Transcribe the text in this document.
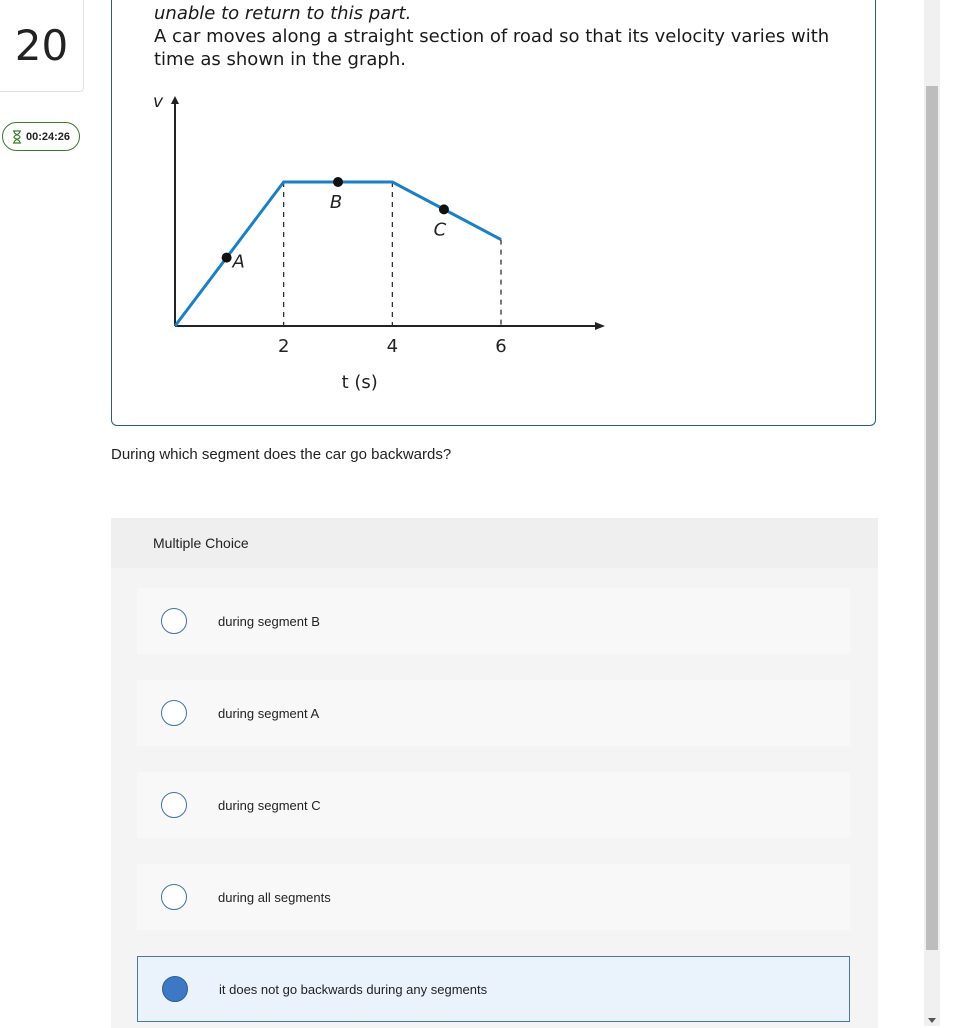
20
00:24:26
unable to return to this part.
A car moves along a straight section of road so that its velocity varies with time as shown in the graph.
v
2	4	6
t (s)
A
B
C
During which segment does the car go backwards?
Multiple Choice
during segment B
during segment A
during segment C
during all segments
it does not go backwards during any segments
